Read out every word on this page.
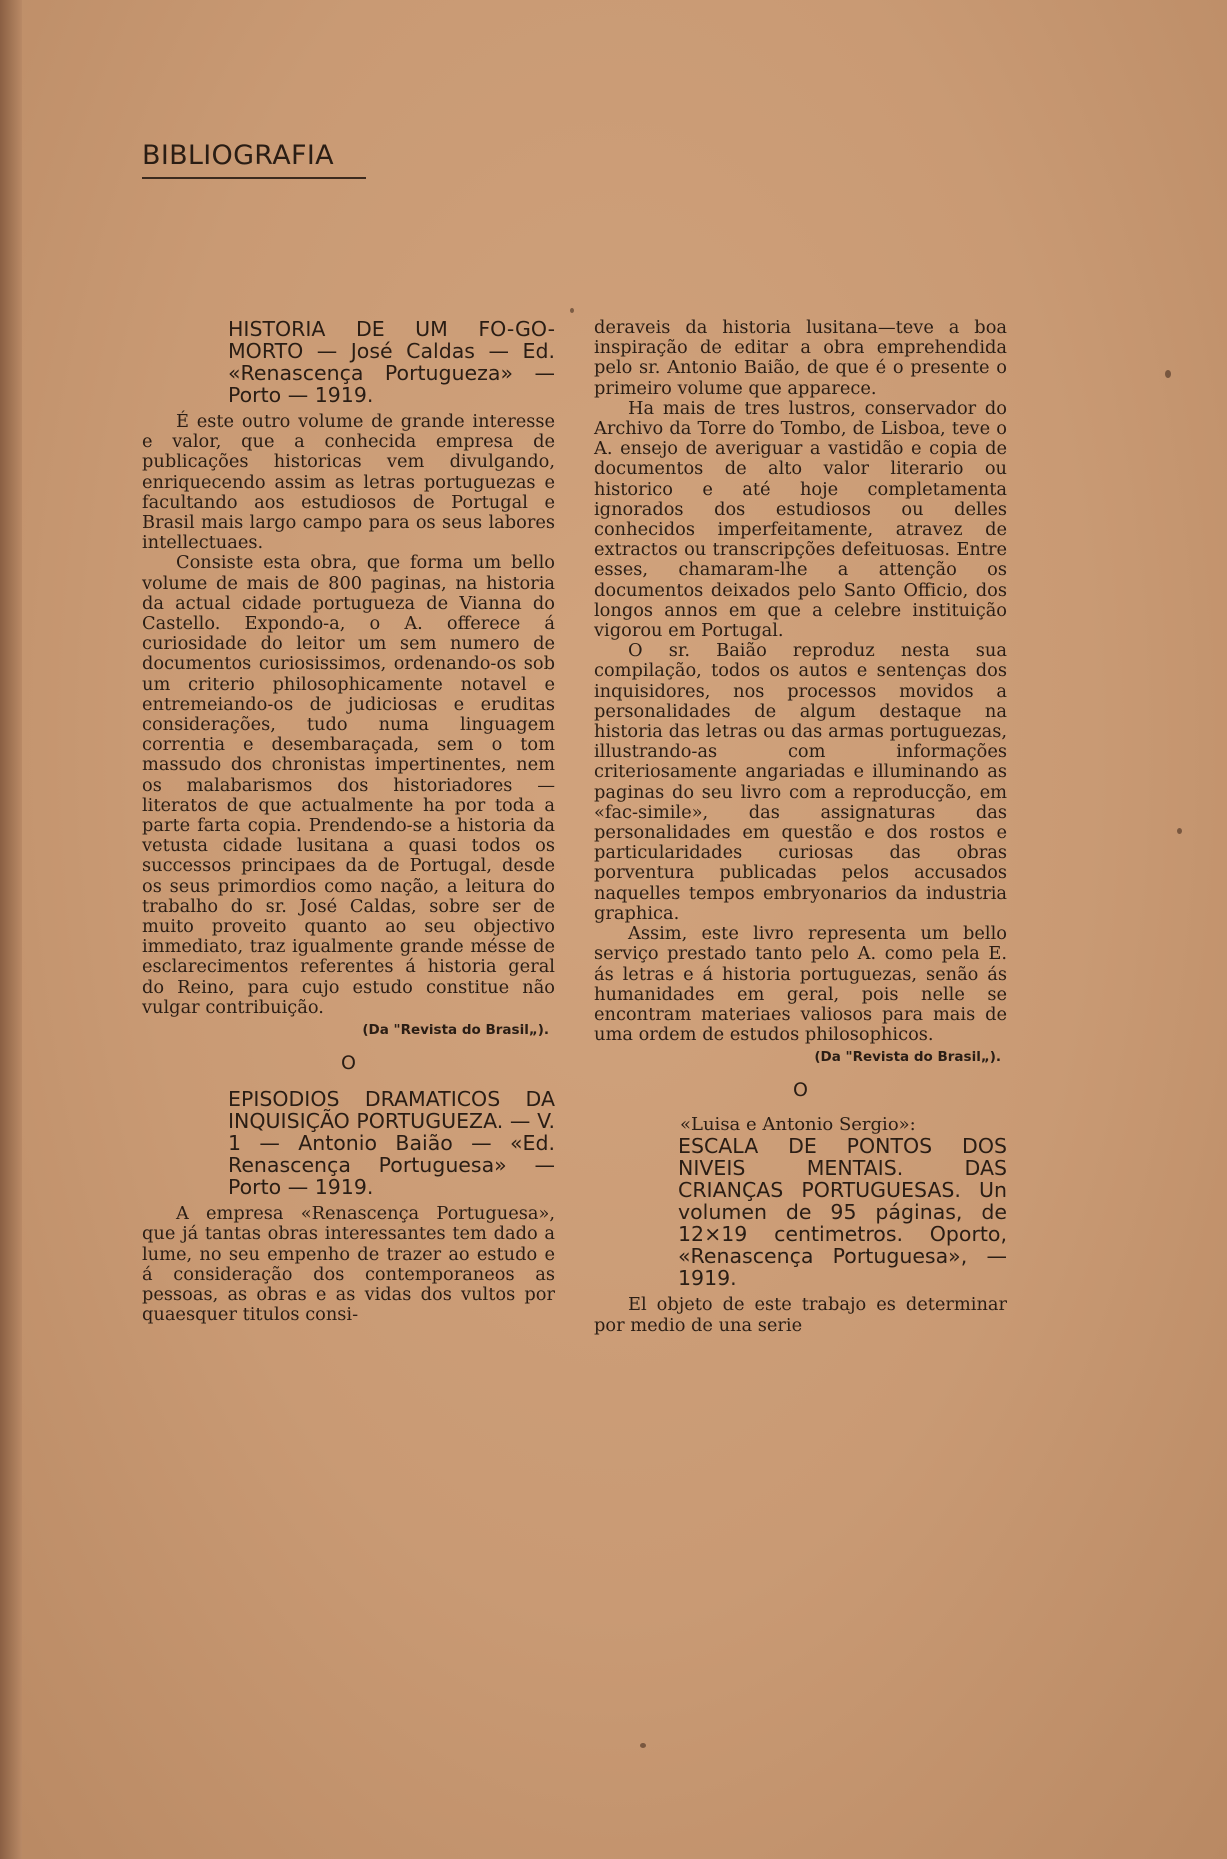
BIBLIOGRAFIA

HISTORIA DE UM FO-GO-MORTO — José Caldas — Ed. «Renascença Portugueza» — Porto — 1919.

É este outro volume de grande interesse e valor, que a conhecida empresa de publicações historicas vem divulgando, enriquecendo assim as letras portuguezas e facultando aos estudiosos de Portugal e Brasil mais largo campo para os seus labores intellectuaes.

Consiste esta obra, que forma um bello volume de mais de 800 paginas, na historia da actual cidade portugueza de Vianna do Castello. Expondo-a, o A. offerece á curiosidade do leitor um sem numero de documentos curiosissimos, ordenando-os sob um criterio philosophicamente notavel e entremeiando-os de judiciosas e eruditas considerações, tudo numa linguagem correntia e desembaraçada, sem o tom massudo dos chronistas impertinentes, nem os malabarismos dos historiadores — literatos de que actualmente ha por toda a parte farta copia. Prendendo-se a historia da vetusta cidade lusitana a quasi todos os successos principaes da de Portugal, desde os seus primordios como nação, a leitura do trabalho do sr. José Caldas, sobre ser de muito proveito quanto ao seu objectivo immediato, traz igualmente grande mésse de esclarecimentos referentes á historia geral do Reino, para cujo estudo constitue não vulgar contribuição.

(Da "Revista do Brasil„).
O

EPISODIOS DRAMATICOS DA INQUISIÇÃO PORTUGUEZA. — V. 1 — Antonio Baião — «Ed. Renascença Portuguesa» — Porto — 1919.

A empresa «Renascença Portuguesa», que já tantas obras interessantes tem dado a lume, no seu empenho de trazer ao estudo e á consideração dos contemporaneos as pessoas, as obras e as vidas dos vultos por quaesquer titulos consi-

deraveis da historia lusitana—teve a boa inspiração de editar a obra emprehendida pelo sr. Antonio Baião, de que é o presente o primeiro volume que apparece.

Ha mais de tres lustros, conservador do Archivo da Torre do Tombo, de Lisboa, teve o A. ensejo de averiguar a vastidão e copia de documentos de alto valor literario ou historico e até hoje completamenta ignorados dos estudiosos ou delles conhecidos imperfeitamente, atravez de extractos ou transcripções defeituosas. Entre esses, chamaram-lhe a attenção os documentos deixados pelo Santo Officio, dos longos annos em que a celebre instituição vigorou em Portugal.

O sr. Baião reproduz nesta sua compilação, todos os autos e sentenças dos inquisidores, nos processos movidos a personalidades de algum destaque na historia das letras ou das armas portuguezas, illustrando-as com informações criteriosamente angariadas e illuminando as paginas do seu livro com a reproducção, em «fac-simile», das assignaturas das personalidades em questão e dos rostos e particularidades curiosas das obras porventura publicadas pelos accusados naquelles tempos embryonarios da industria graphica.

Assim, este livro representa um bello serviço prestado tanto pelo A. como pela E. ás letras e á historia portuguezas, senão ás humanidades em geral, pois nelle se encontram materiaes valiosos para mais de uma ordem de estudos philosophicos.

(Da "Revista do Brasil„).
O

«Luisa e Antonio Sergio»:

ESCALA DE PONTOS DOS NIVEIS MENTAIS. DAS CRIANÇAS PORTUGUESAS. Un volumen de 95 páginas, de 12×19 centimetros. Oporto, «Renascença Portuguesa», — 1919.

El objeto de este trabajo es determinar por medio de una serie
